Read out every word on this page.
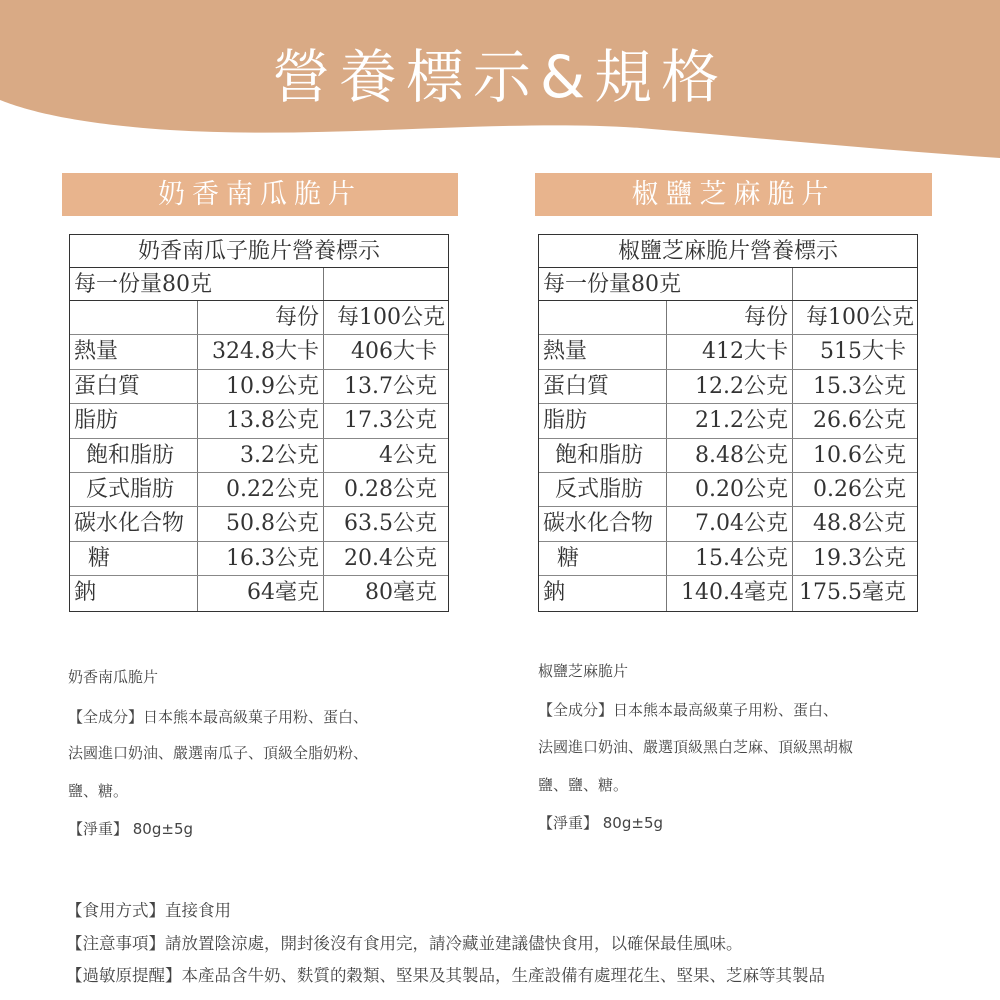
營養標示&規格
奶香南瓜脆片	椒鹽芝麻脆片
奶香南瓜子脆片營養標示
每一份量80克
每份 每100公克
熱量	324.8大卡	406大卡
蛋白質	10.9公克	13.7公克
脂肪	13.8公克	17.3公克
飽和脂肪	3.2公克	4公克
反式脂肪	0.22公克	0.28公克
碳水化合物	50.8公克	63.5公克
糖	16.3公克	20.4公克
鈉	64毫克	80毫克
椒鹽芝麻脆片營養標示
每一份量80克
每份 每100公克
熱量	412大卡	515大卡
蛋白質	12.2公克	15.3公克
脂肪	21.2公克	26.6公克
飽和脂肪	8.48公克	10.6公克
反式脂肪	0.20公克	0.26公克
碳水化合物	7.04公克	48.8公克
糖	15.4公克	19.3公克
鈉	140.4毫克 175.5毫克
奶香南瓜脆片
【全成分】日本熊本最高級菓子用粉、蛋白、
法國進口奶油、嚴選南瓜子、頂級全脂奶粉、
鹽、糖。
【淨重】 80g±5g
椒鹽芝麻脆片
【全成分】日本熊本最高級菓子用粉、蛋白、
法國進口奶油、嚴選頂級黑白芝麻、頂級黑胡椒
鹽、鹽、糖。
【淨重】 80g±5g
【食用方式】直接食用
【注意事項】請放置陰涼處，開封後沒有食用完，請冷藏並建議儘快食用，以確保最佳風味。
【過敏原提醒】本產品含牛奶、麩質的穀類、堅果及其製品，生產設備有處理花生、堅果、芝麻等其製品
